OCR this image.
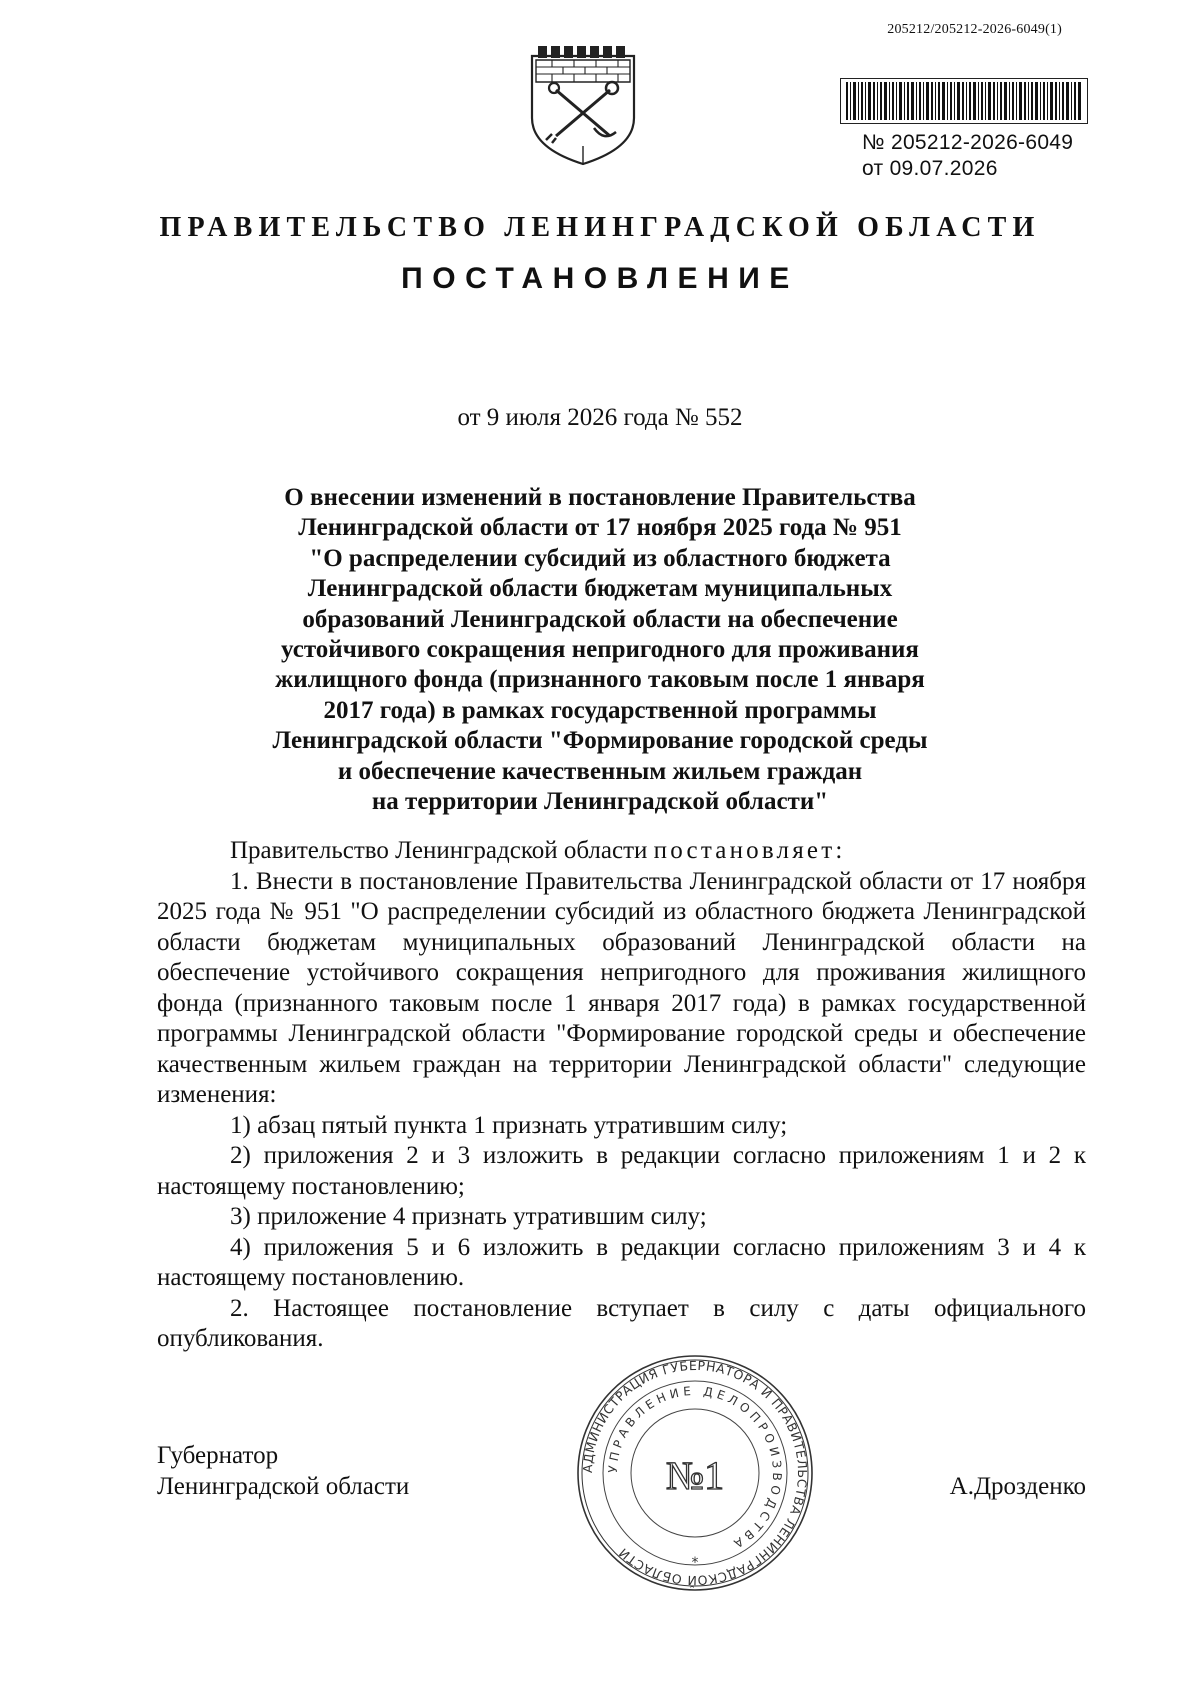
205212/205212-2026-6049(1)
№ 205212-2026-6049
от 09.07.2026
ПРАВИТЕЛЬСТВО ЛЕНИНГРАДСКОЙ ОБЛАСТИ
ПОСТАНОВЛЕНИЕ
от 9 июля 2026 года № 552
О внесении изменений в постановление Правительства
Ленинградской области от 17 ноября 2025 года № 951
"О распределении субсидий из областного бюджета
Ленинградской области бюджетам муниципальных
образований Ленинградской области на обеспечение
устойчивого сокращения непригодного для проживания
жилищного фонда (признанного таковым после 1 января
2017 года) в рамках государственной программы
Ленинградской области "Формирование городской среды
и обеспечение качественным жильем граждан
на территории Ленинградской области"

Правительство Ленинградской области постановляет:

1. Внести в постановление Правительства Ленинградской области от 17 ноября 2025 года № 951 "О распределении субсидий из областного бюджета Ленинградской области бюджетам муниципальных образований Ленинградской области на обеспечение устойчивого сокращения непригодного для проживания жилищного фонда (признанного таковым после 1 января 2017 года) в рамках государственной программы Ленинградской области "Формирование городской среды и обеспечение качественным жильем граждан на территории Ленинградской области" следующие изменения:

1) абзац пятый пункта 1 признать утратившим силу;

2) приложения 2 и 3 изложить в редакции согласно приложениям 1 и 2 к настоящему постановлению;

3) приложение 4 признать утратившим силу;

4) приложения 5 и 6 изложить в редакции согласно приложениям 3 и 4 к настоящему постановлению.

2. Настоящее постановление вступает в силу с даты официального опубликования.

Губернатор
Ленинградской области	А.Дрозденко
АДМИНИСТРАЦИЯ ГУБЕРНАТОРА И ПРАВИТЕЛЬСТВА ЛЕНИНГРАДСКОЙ ОБЛАСТИ
УПРАВЛЕНИЕ ДЕЛОПРОИЗВОДСТВА
№1
*
